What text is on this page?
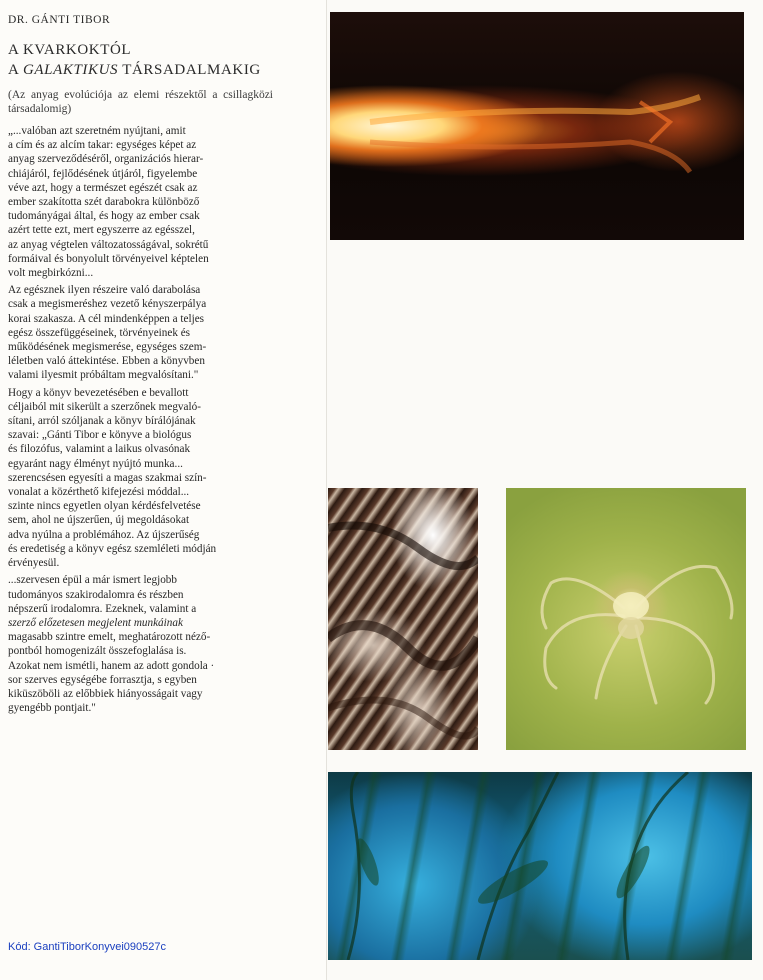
DR. GÁNTI TIBOR
A KVARKOKTÓL
A GALAKTIKUS TÁRSADALMAKIG
(Az anyag evolúciója az elemi részektől a csillagközi társadalomig)

„...valóban azt szeretném nyújtani, amit
a cím és az alcím takar: egységes képet az
anyag szerveződéséről, organizációs hierar-
chiájáról, fejlődésének útjáról, figyelembe
véve azt, hogy a természet egészét csak az
ember szakította szét darabokra különböző
tudományágai által, és hogy az ember csak
azért tette ezt, mert egyszerre az egésszel,
az anyag végtelen változatosságával, sokrétű
formáival és bonyolult törvényeivel képtelen
volt megbirkózni...

Az egésznek ilyen részeire való darabolása
csak a megismeréshez vezető kényszerpálya
korai szakasza. A cél mindenképpen a teljes
egész összefüggéseinek, törvényeinek és
működésének megismerése, egységes szem-
léletben való áttekintése. Ebben a könyvben
valami ilyesmit próbáltam megvalósítani."

Hogy a könyv bevezetésében e bevallott
céljaiból mit sikerült a szerzőnek megvaló-
sítani, arról szóljanak a könyv bírálójának
szavai: „Gánti Tibor e könyve a biológus
és filozófus, valamint a laikus olvasónak
egyaránt nagy élményt nyújtó munka...
szerencsésen egyesíti a magas szakmai szín-
vonalat a közérthető kifejezési móddal...
szinte nincs egyetlen olyan kérdésfelvetése
sem, ahol ne újszerűen, új megoldásokat
adva nyúlna a problémához. Az újszerűség
és eredetiség a könyv egész szemléleti módján
érvényesül.

...szervesen épül a már ismert legjobb
tudományos szakirodalomra és részben
népszerű irodalomra. Ezeknek, valamint a
szerző előzetesen megjelent munkáinak
magasabb szintre emelt, meghatározott néző-
pontból homogenizált összefoglalása is.
Azokat nem ismétli, hanem az adott gondola ·
sor szerves egységébe forrasztja, s egyben
kiküszöböli az előbbiek hiányosságait vagy
gyengébb pontjait."

Kód: GantiTiborKonyvei090527c
